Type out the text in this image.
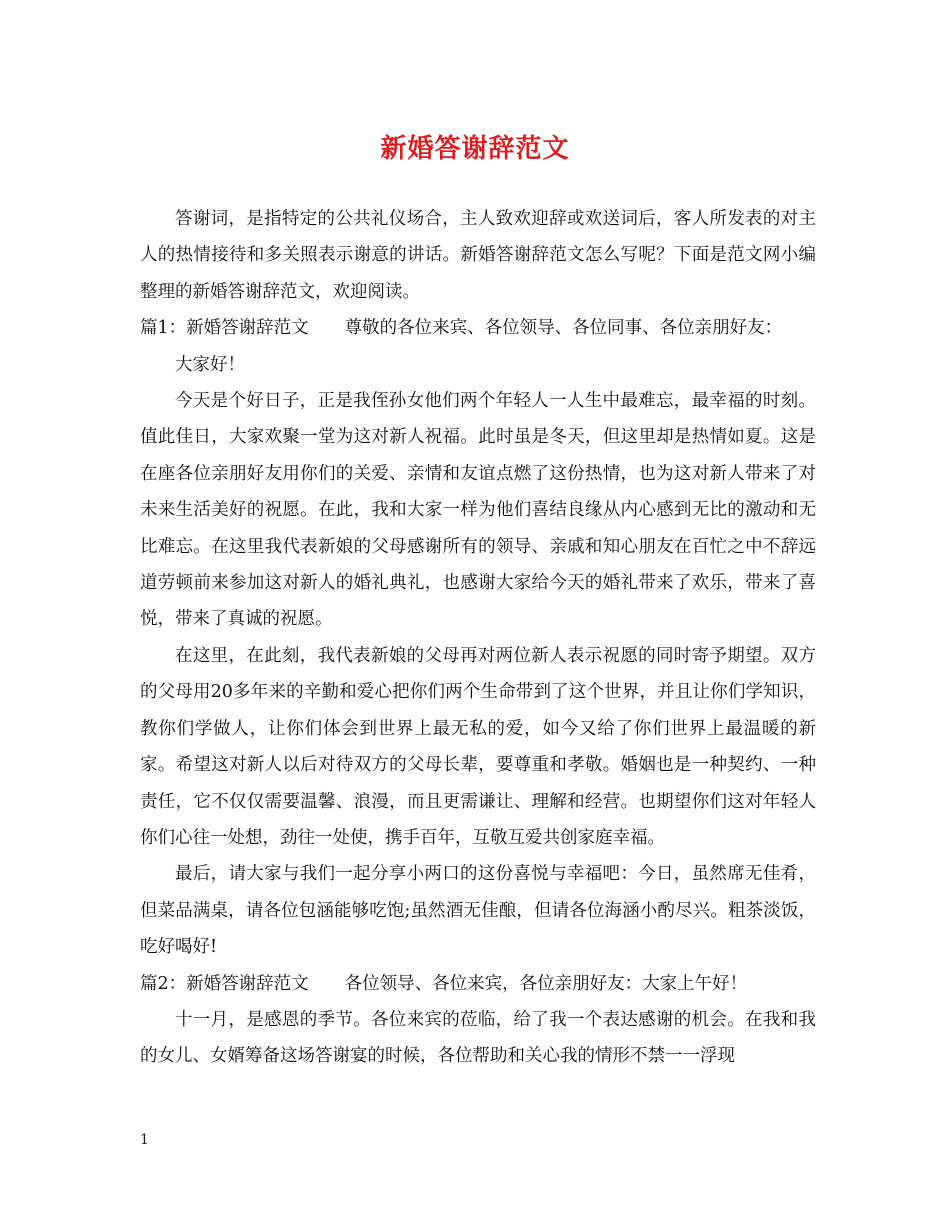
新婚答谢辞范文

答谢词，是指特定的公共礼仪场合，主人致欢迎辞或欢送词后，客人所发表的对主人的热情接待和多关照表示谢意的讲话。新婚答谢辞范文怎么写呢？下面是范文网小编整理的新婚答谢辞范文，欢迎阅读。

篇1：新婚答谢辞范文 尊敬的各位来宾、各位领导、各位同事、各位亲朋好友：

大家好！

今天是个好日子，正是我侄孙女他们两个年轻人一人生中最难忘，最幸福的时刻。值此佳日，大家欢聚一堂为这对新人祝福。此时虽是冬天，但这里却是热情如夏。这是在座各位亲朋好友用你们的关爱、亲情和友谊点燃了这份热情，也为这对新人带来了对未来生活美好的祝愿。在此，我和大家一样为他们喜结良缘从内心感到无比的激动和无比难忘。在这里我代表新娘的父母感谢所有的领导、亲戚和知心朋友在百忙之中不辞远道劳顿前来参加这对新人的婚礼典礼，也感谢大家给今天的婚礼带来了欢乐，带来了喜悦，带来了真诚的祝愿。

在这里，在此刻，我代表新娘的父母再对两位新人表示祝愿的同时寄予期望。双方的父母用20多年来的辛勤和爱心把你们两个生命带到了这个世界，并且让你们学知识，教你们学做人，让你们体会到世界上最无私的爱，如今又给了你们世界上最温暖的新家。希望这对新人以后对待双方的父母长辈，要尊重和孝敬。婚姻也是一种契约、一种责任，它不仅仅需要温馨、浪漫，而且更需谦让、理解和经营。也期望你们这对年轻人你们心往一处想，劲往一处使，携手百年，互敬互爱共创家庭幸福。

最后，请大家与我们一起分享小两口的这份喜悦与幸福吧：今日，虽然席无佳肴，但菜品满桌，请各位包涵能够吃饱;虽然酒无佳酿，但请各位海涵小酌尽兴。粗茶淡饭，吃好喝好!

篇2：新婚答谢辞范文 各位领导、各位来宾，各位亲朋好友：大家上午好！

十一月，是感恩的季节。各位来宾的莅临，给了我一个表达感谢的机会。在我和我的女儿、女婿筹备这场答谢宴的时候，各位帮助和关心我的情形不禁一一浮现

1
